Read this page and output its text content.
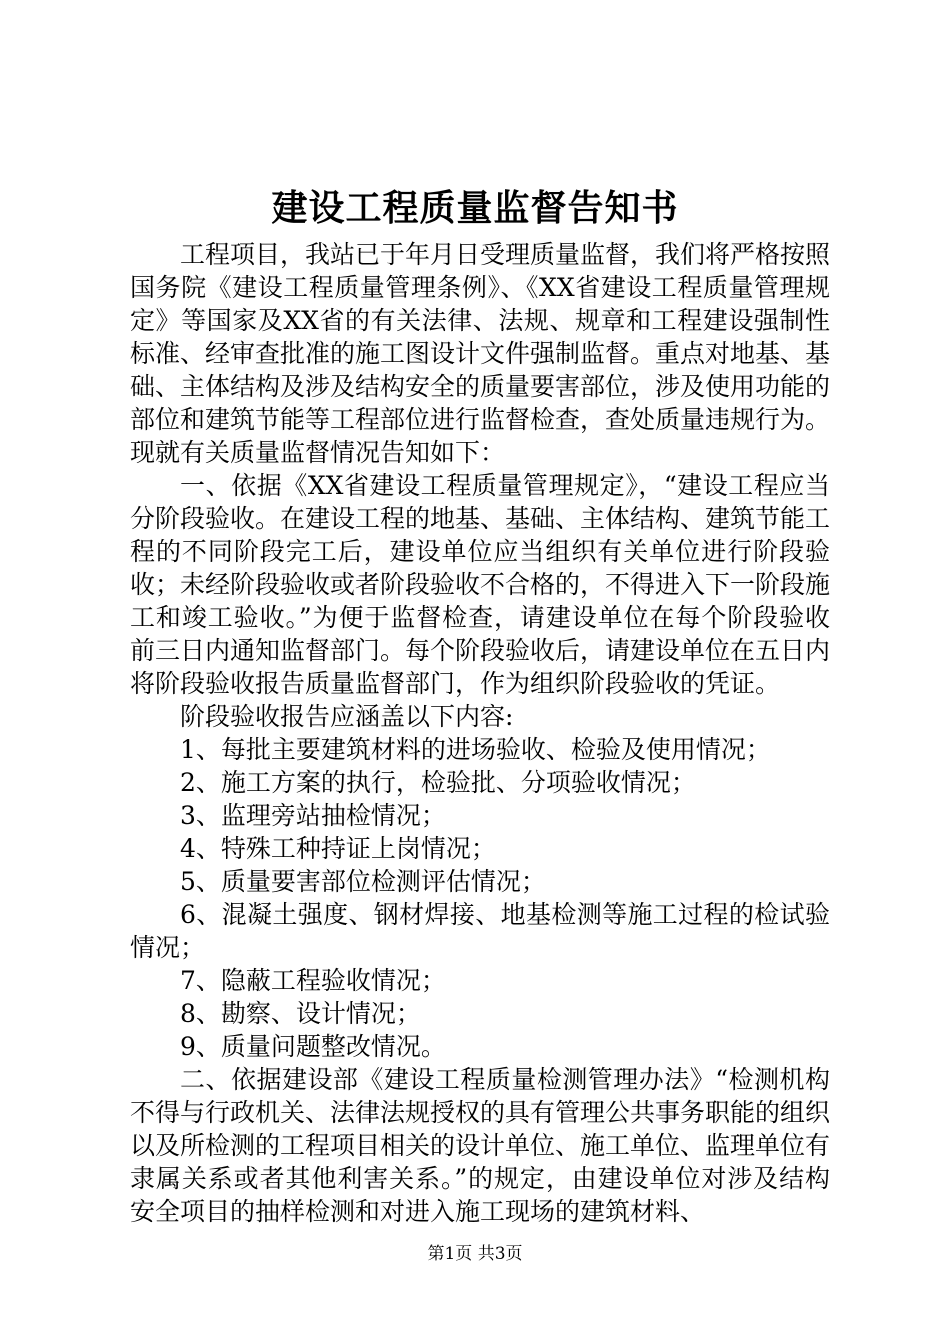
建设工程质量监督告知书

工程项目，我站已于年月日受理质量监督，我们将严格按照国务院《建设工程质量管理条例》、《XX省建设工程质量管理规定》等国家及XX省的有关法律、法规、规章和工程建设强制性标准、经审查批准的施工图设计文件强制监督。重点对地基、基础、主体结构及涉及结构安全的质量要害部位，涉及使用功能的部位和建筑节能等工程部位进行监督检查，查处质量违规行为。现就有关质量监督情况告知如下：

一、依据《XX省建设工程质量管理规定》，“建设工程应当分阶段验收。在建设工程的地基、基础、主体结构、建筑节能工程的不同阶段完工后，建设单位应当组织有关单位进行阶段验收；未经阶段验收或者阶段验收不合格的，不得进入下一阶段施工和竣工验收。”为便于监督检查，请建设单位在每个阶段验收前三日内通知监督部门。每个阶段验收后，请建设单位在五日内将阶段验收报告质量监督部门，作为组织阶段验收的凭证。

阶段验收报告应涵盖以下内容:

1、每批主要建筑材料的进场验收、检验及使用情况；

2、施工方案的执行，检验批、分项验收情况；

3、监理旁站抽检情况；

4、特殊工种持证上岗情况；

5、质量要害部位检测评估情况；

6、混凝土强度、钢材焊接、地基检测等施工过程的检试验情况；

7、隐蔽工程验收情况；

8、勘察、设计情况；

9、质量问题整改情况。

二、依据建设部《建设工程质量检测管理办法》“检测机构不得与行政机关、法律法规授权的具有管理公共事务职能的组织以及所检测的工程项目相关的设计单位、施工单位、监理单位有隶属关系或者其他利害关系。”的规定，由建设单位对涉及结构安全项目的抽样检测和对进入施工现场的建筑材料、

第1页 共3页
